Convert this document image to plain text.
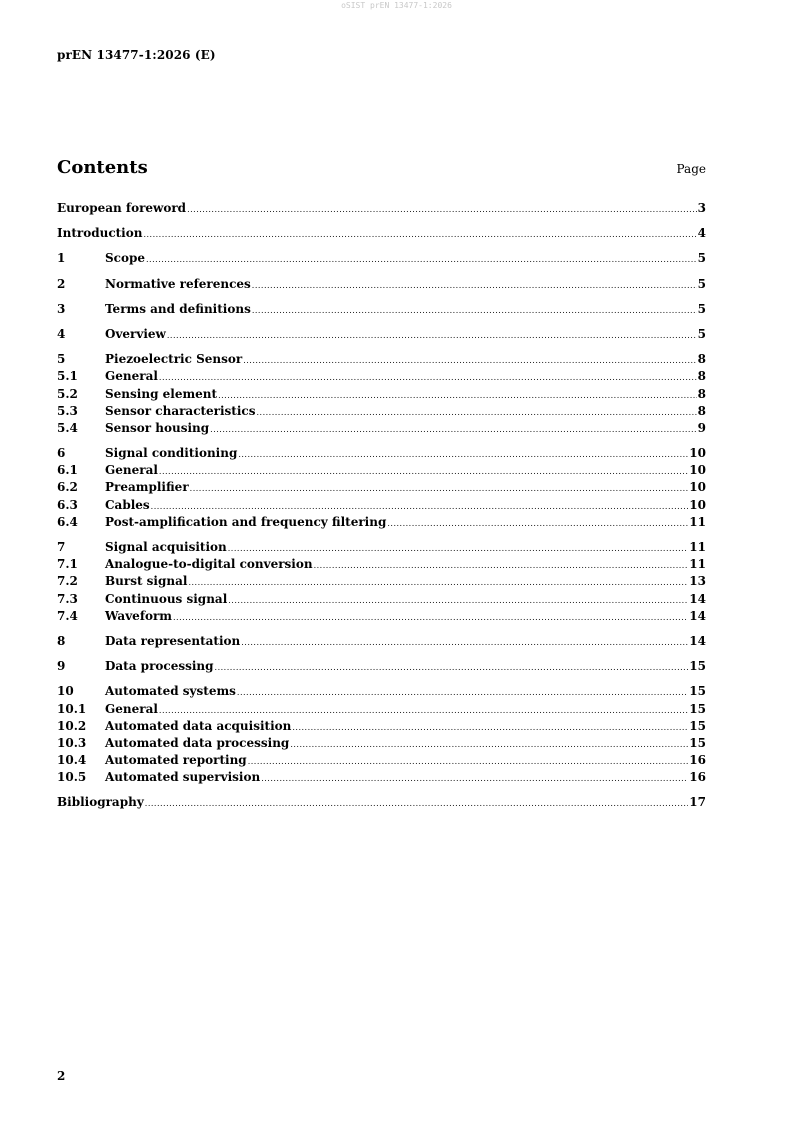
oSIST prEN 13477-1:2026
prEN 13477-1:2026 (E)
Contents	Page
European foreword .....	3
Introduction .....	4
1	Scope .....	5
2	Normative references .....	5
3	Terms and definitions .....	5
4	Overview .....	5
5	Piezoelectric Sensor .....	8
5.1	General .....	8
5.2	Sensing element .....	8
5.3	Sensor characteristics .....	8
5.4	Sensor housing .....	9
6	Signal conditioning .....	10
6.1	General .....	10
6.2	Preamplifier .....	10
6.3	Cables .....	10
6.4	Post-amplification and frequency filtering .....	11
7	Signal acquisition .....	11
7.1	Analogue-to-digital conversion .....	11
7.2	Burst signal .....	13
7.3	Continuous signal .....	14
7.4	Waveform .....	14
8	Data representation .....	14
9	Data processing .....	15
10	Automated systems .....	15
10.1	General .....	15
10.2	Automated data acquisition .....	15
10.3	Automated data processing .....	15
10.4	Automated reporting .....	16
10.5	Automated supervision .....	16
Bibliography .....	17
2
